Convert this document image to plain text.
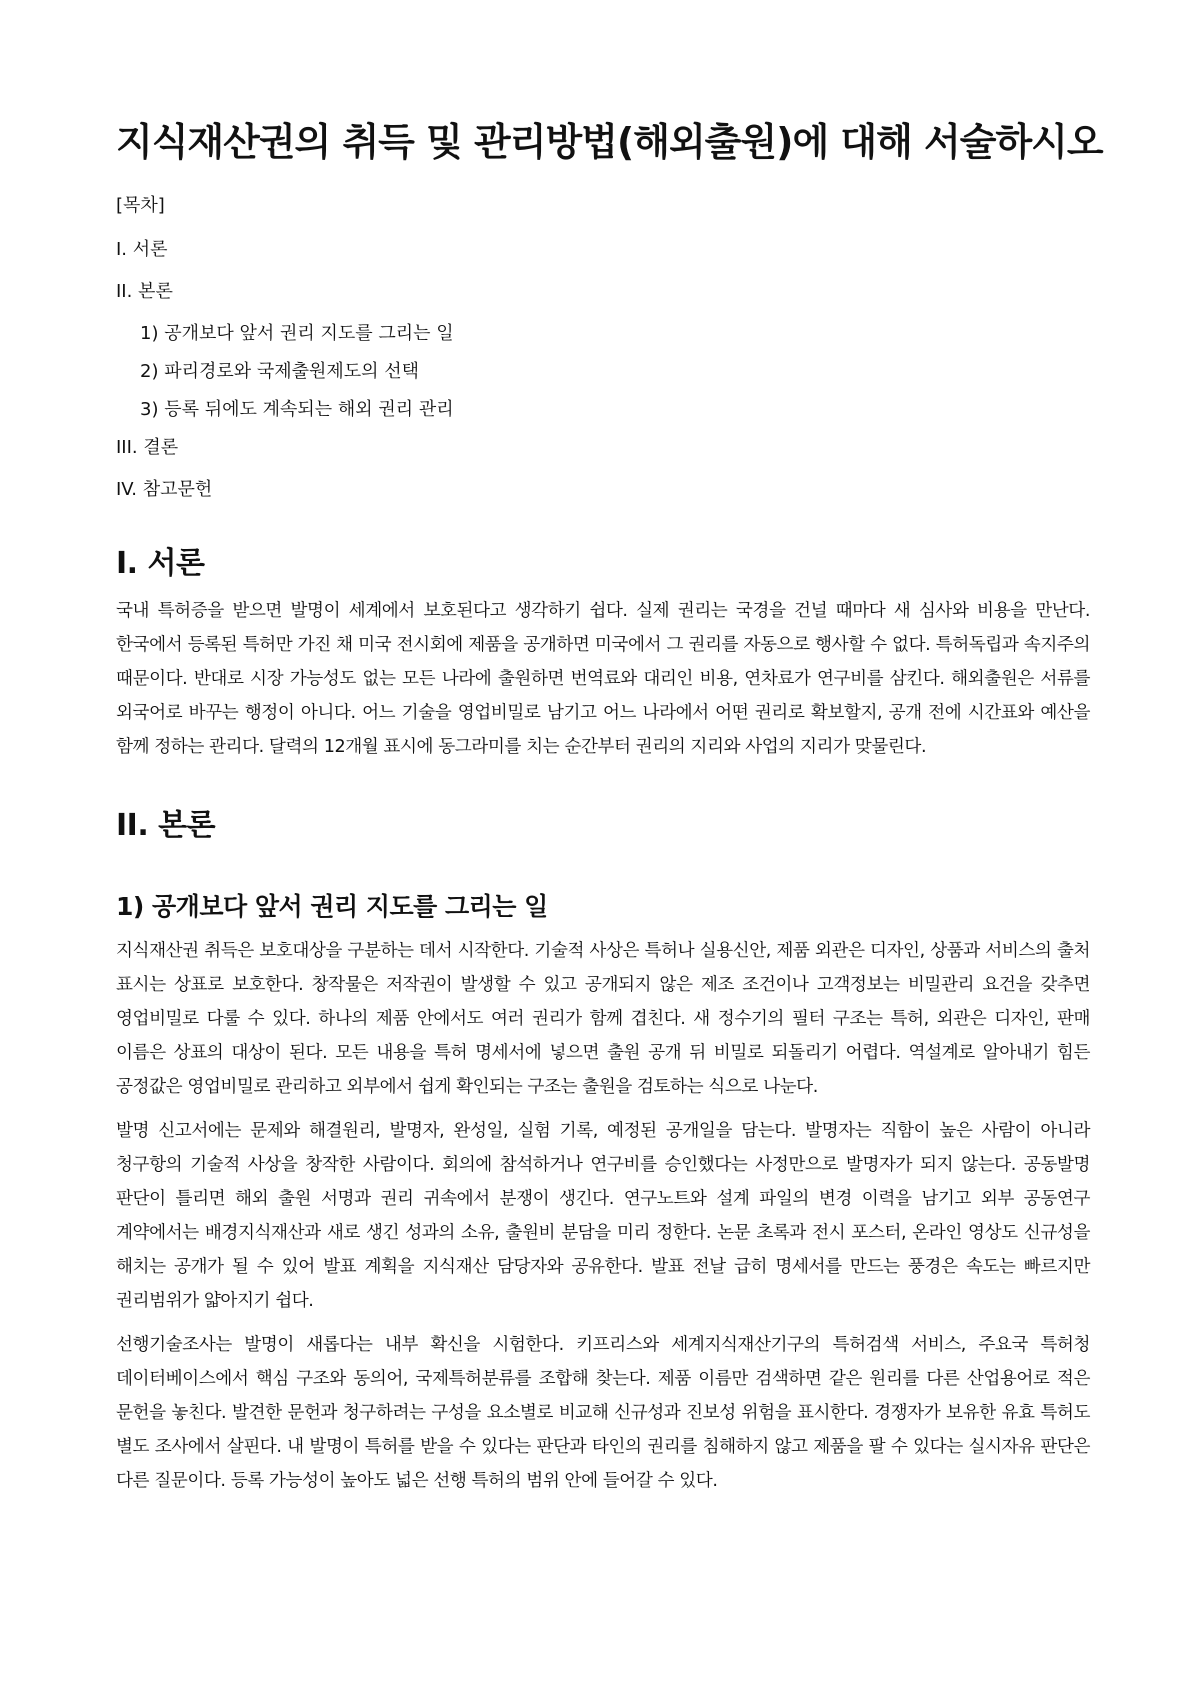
지식재산권의 취득 및 관리방법(해외출원)에 대해 서술하시오
[목차]
I. 서론
II. 본론
1) 공개보다 앞서 권리 지도를 그리는 일
2) 파리경로와 국제출원제도의 선택
3) 등록 뒤에도 계속되는 해외 권리 관리
III. 결론
IV. 참고문헌
I. 서론

국내 특허증을 받으면 발명이 세계에서 보호된다고 생각하기 쉽다. 실제 권리는 국경을 건널 때마다 새 심사와 비용을 만난다. 한국에서 등록된 특허만 가진 채 미국 전시회에 제품을 공개하면 미국에서 그 권리를 자동으로 행사할 수 없다. 특허독립과 속지주의 때문이다. 반대로 시장 가능성도 없는 모든 나라에 출원하면 번역료와 대리인 비용, 연차료가 연구비를 삼킨다. 해외출원은 서류를 외국어로 바꾸는 행정이 아니다. 어느 기술을 영업비밀로 남기고 어느 나라에서 어떤 권리로 확보할지, 공개 전에 시간표와 예산을 함께 정하는 관리다. 달력의 12개월 표시에 동그라미를 치는 순간부터 권리의 지리와 사업의 지리가 맞물린다.

II. 본론
1) 공개보다 앞서 권리 지도를 그리는 일

지식재산권 취득은 보호대상을 구분하는 데서 시작한다. 기술적 사상은 특허나 실용신안, 제품 외관은 디자인, 상품과 서비스의 출처 표시는 상표로 보호한다. 창작물은 저작권이 발생할 수 있고 공개되지 않은 제조 조건이나 고객정보는 비밀관리 요건을 갖추면 영업비밀로 다룰 수 있다. 하나의 제품 안에서도 여러 권리가 함께 겹친다. 새 정수기의 필터 구조는 특허, 외관은 디자인, 판매 이름은 상표의 대상이 된다. 모든 내용을 특허 명세서에 넣으면 출원 공개 뒤 비밀로 되돌리기 어렵다. 역설계로 알아내기 힘든 공정값은 영업비밀로 관리하고 외부에서 쉽게 확인되는 구조는 출원을 검토하는 식으로 나눈다.

발명 신고서에는 문제와 해결원리, 발명자, 완성일, 실험 기록, 예정된 공개일을 담는다. 발명자는 직함이 높은 사람이 아니라 청구항의 기술적 사상을 창작한 사람이다. 회의에 참석하거나 연구비를 승인했다는 사정만으로 발명자가 되지 않는다. 공동발명 판단이 틀리면 해외 출원 서명과 권리 귀속에서 분쟁이 생긴다. 연구노트와 설계 파일의 변경 이력을 남기고 외부 공동연구 계약에서는 배경지식재산과 새로 생긴 성과의 소유, 출원비 분담을 미리 정한다. 논문 초록과 전시 포스터, 온라인 영상도 신규성을 해치는 공개가 될 수 있어 발표 계획을 지식재산 담당자와 공유한다. 발표 전날 급히 명세서를 만드는 풍경은 속도는 빠르지만 권리범위가 얇아지기 쉽다.

선행기술조사는 발명이 새롭다는 내부 확신을 시험한다. 키프리스와 세계지식재산기구의 특허검색 서비스, 주요국 특허청 데이터베이스에서 핵심 구조와 동의어, 국제특허분류를 조합해 찾는다. 제품 이름만 검색하면 같은 원리를 다른 산업용어로 적은 문헌을 놓친다. 발견한 문헌과 청구하려는 구성을 요소별로 비교해 신규성과 진보성 위험을 표시한다. 경쟁자가 보유한 유효 특허도 별도 조사에서 살핀다. 내 발명이 특허를 받을 수 있다는 판단과 타인의 권리를 침해하지 않고 제품을 팔 수 있다는 실시자유 판단은 다른 질문이다. 등록 가능성이 높아도 넓은 선행 특허의 범위 안에 들어갈 수 있다.
